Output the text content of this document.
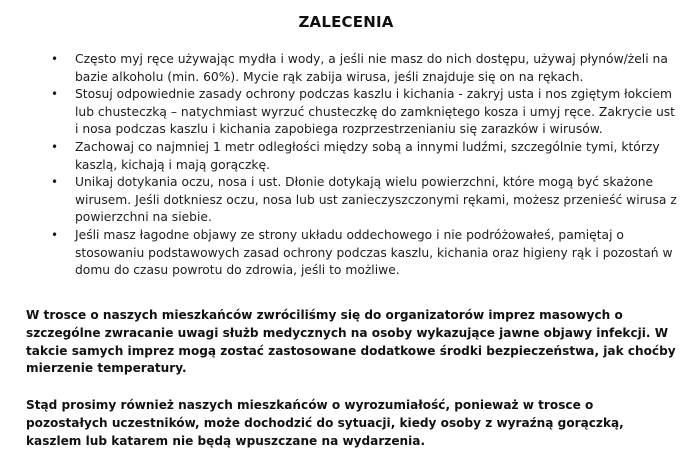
ZALECENIA
• Często myj ręce używając mydła i wody, a jeśli nie masz do nich dostępu, używaj płynów/żeli na bazie alkoholu (min. 60%). Mycie rąk zabija wirusa, jeśli znajduje się on na rękach.
• Stosuj odpowiednie zasady ochrony podczas kaszlu i kichania - zakryj usta i nos zgiętym łokciem lub chusteczką – natychmiast wyrzuć chusteczkę do zamkniętego kosza i umyj ręce. Zakrycie ust i nosa podczas kaszlu i kichania zapobiega rozprzestrzenianiu się zarazków i wirusów.
• Zachowaj co najmniej 1 metr odległości między sobą a innymi ludźmi, szczególnie tymi, którzy kaszlą, kichają i mają gorączkę.
• Unikaj dotykania oczu, nosa i ust. Dłonie dotykają wielu powierzchni, które mogą być skażone wirusem. Jeśli dotkniesz oczu, nosa lub ust zanieczyszczonymi rękami, możesz przenieść wirusa z powierzchni na siebie.
• Jeśli masz łagodne objawy ze strony układu oddechowego i nie podróżowałeś, pamiętaj o stosowaniu podstawowych zasad ochrony podczas kaszlu, kichania oraz higieny rąk i pozostań w domu do czasu powrotu do zdrowia, jeśli to możliwe.

W trosce o naszych mieszkańców zwróciliśmy się do organizatorów imprez masowych o szczególne zwracanie uwagi służb medycznych na osoby wykazujące jawne objawy infekcji. W takcie samych imprez mogą zostać zastosowane dodatkowe środki bezpieczeństwa, jak choćby mierzenie temperatury.

Stąd prosimy również naszych mieszkańców o wyrozumiałość, ponieważ w trosce o pozostałych uczestników, może dochodzić do sytuacji, kiedy osoby z wyraźną gorączką, kaszlem lub katarem nie będą wpuszczane na wydarzenia.
